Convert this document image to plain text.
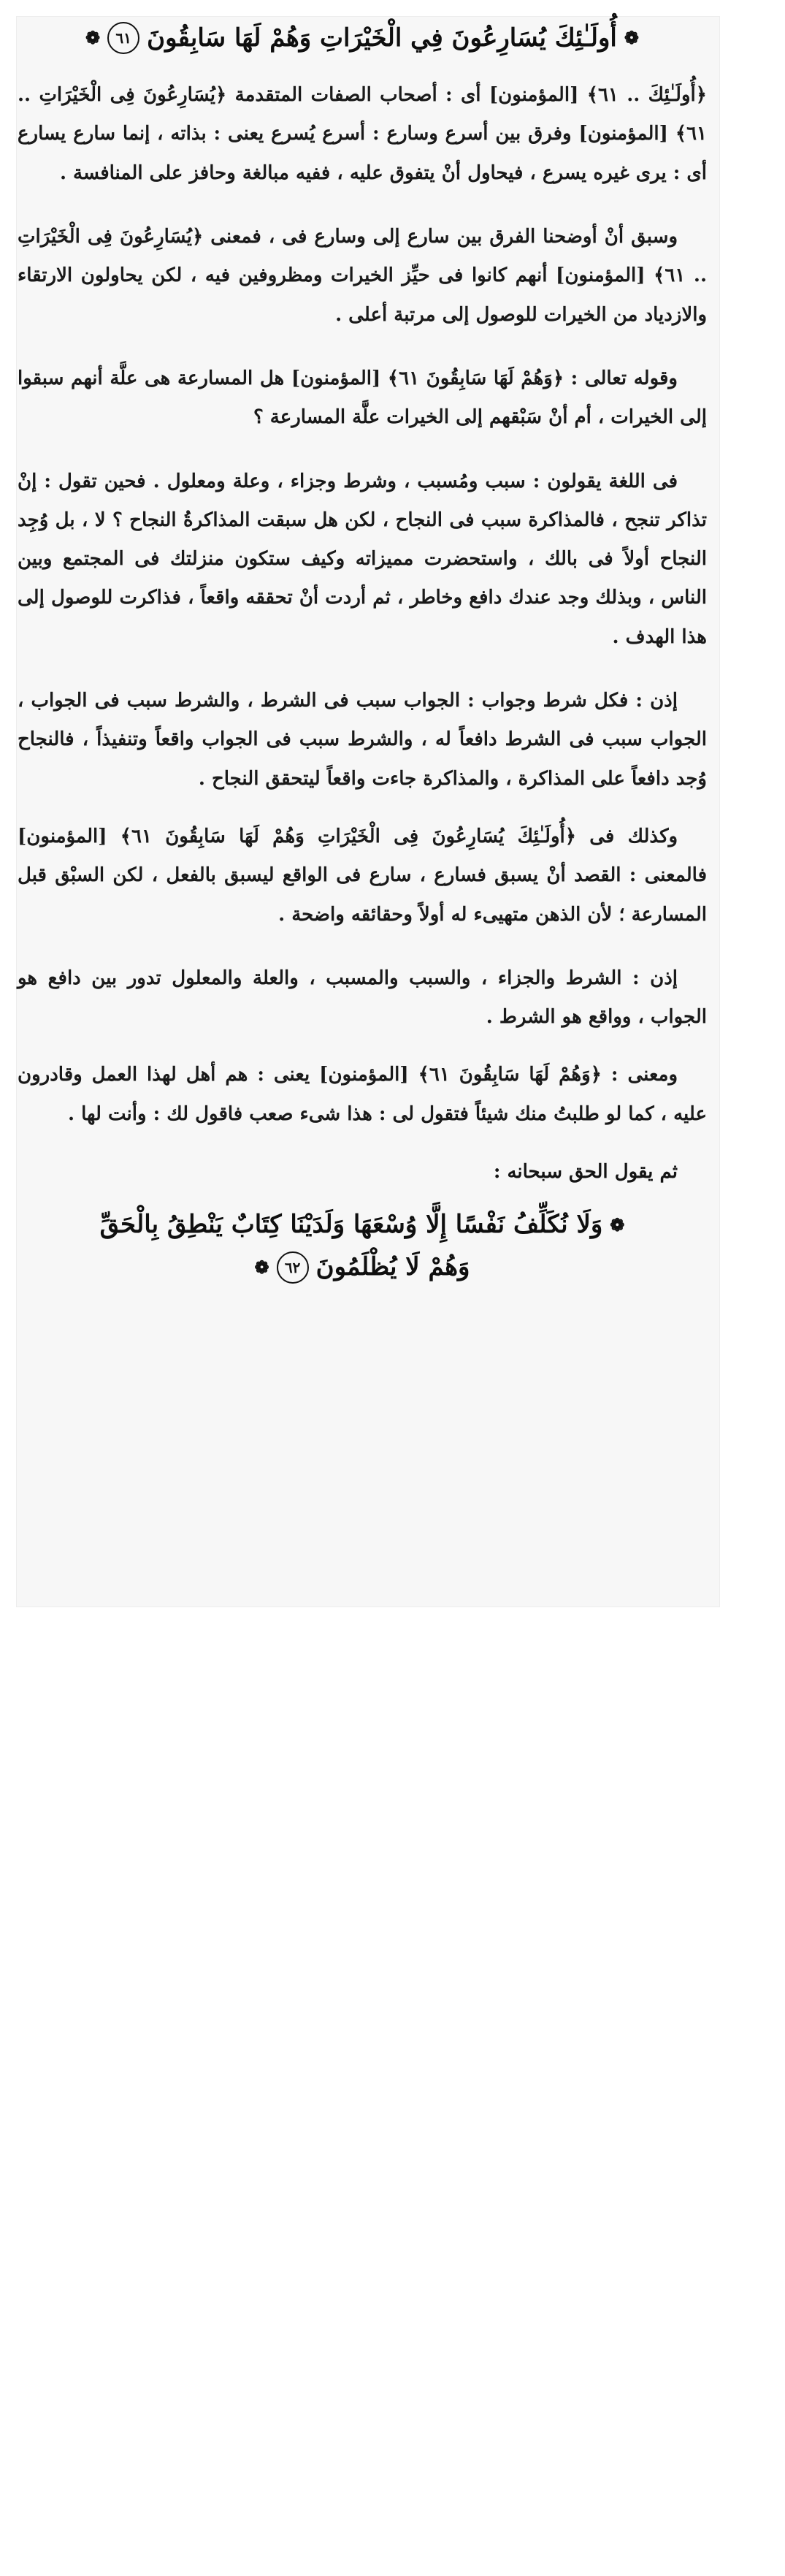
❁
أُولَـٰئِكَ يُسَارِعُونَ فِي الْخَيْرَاتِ وَهُمْ لَهَا سَابِقُونَ
٦١
❁

﴿أُولَـٰئِكَ .. ٦١﴾ [المؤمنون] أى : أصحاب الصفات المتقدمة ﴿يُسَارِعُونَ فِى الْخَيْرَاتِ .. ٦١﴾ [المؤمنون] وفرق بين أسرع وسارع : أسرع يُسرع يعنى : بذاته ، إنما سارع يسارع أى : يرى غيره يسرع ، فيحاول أنْ يتفوق عليه ، ففيه مبالغة وحافز على المنافسة .

وسبق أنْ أوضحنا الفرق بين سارع إلى وسارع فى ، فمعنى ﴿يُسَارِعُونَ فِى الْخَيْرَاتِ .. ٦١﴾ [المؤمنون] أنهم كانوا فى حيِّز الخيرات ومظروفين فيه ، لكن يحاولون الارتقاء والازدياد من الخيرات للوصول إلى مرتبة أعلى .

وقوله تعالى : ﴿وَهُمْ لَهَا سَابِقُونَ ٦١﴾ [المؤمنون] هل المسارعة هى علَّة أنهم سبقوا إلى الخيرات ، أم أنْ سَبْقهم إلى الخيرات علَّة المسارعة ؟

فى اللغة يقولون : سبب ومُسبب ، وشرط وجزاء ، وعلة ومعلول . فحين تقول : إنْ تذاكر تنجح ، فالمذاكرة سبب فى النجاح ، لكن هل سبقت المذاكرةُ النجاح ؟ لا ، بل وُجِد النجاح أولاً فى بالك ، واستحضرت مميزاته وكيف ستكون منزلتك فى المجتمع وبين الناس ، وبذلك وجد عندك دافع وخاطر ، ثم أردت أنْ تحققه واقعاً ، فذاكرت للوصول إلى هذا الهدف .

إذن : فكل شرط وجواب : الجواب سبب فى الشرط ، والشرط سبب فى الجواب ، الجواب سبب فى الشرط دافعاً له ، والشرط سبب فى الجواب واقعاً وتنفيذاً ، فالنجاح وُجد دافعاً على المذاكرة ، والمذاكرة جاءت واقعاً ليتحقق النجاح .

وكذلك فى ﴿أُولَـٰئِكَ يُسَارِعُونَ فِى الْخَيْرَاتِ وَهُمْ لَهَا سَابِقُونَ ٦١﴾ [المؤمنون] فالمعنى : القصد أنْ يسبق فسارع ، سارع فى الواقع ليسبق بالفعل ، لكن السبْق قبل المسارعة ؛ لأن الذهن متهيىء له أولاً وحقائقه واضحة .

إذن : الشرط والجزاء ، والسبب والمسبب ، والعلة والمعلول تدور بين دافع هو الجواب ، وواقع هو الشرط .

ومعنى : ﴿وَهُمْ لَهَا سَابِقُونَ ٦١﴾ [المؤمنون] يعنى : هم أهل لهذا العمل وقادرون عليه ، كما لو طلبتُ منك شيئاً فتقول لى : هذا شىء صعب فاقول لك : وأنت لها .

ثم يقول الحق سبحانه :

❁
وَلَا نُكَلِّفُ نَفْسًا إِلَّا وُسْعَهَا وَلَدَيْنَا كِتَابٌ يَنْطِقُ بِالْحَقِّ
وَهُمْ لَا يُظْلَمُونَ
٦٢
❁
